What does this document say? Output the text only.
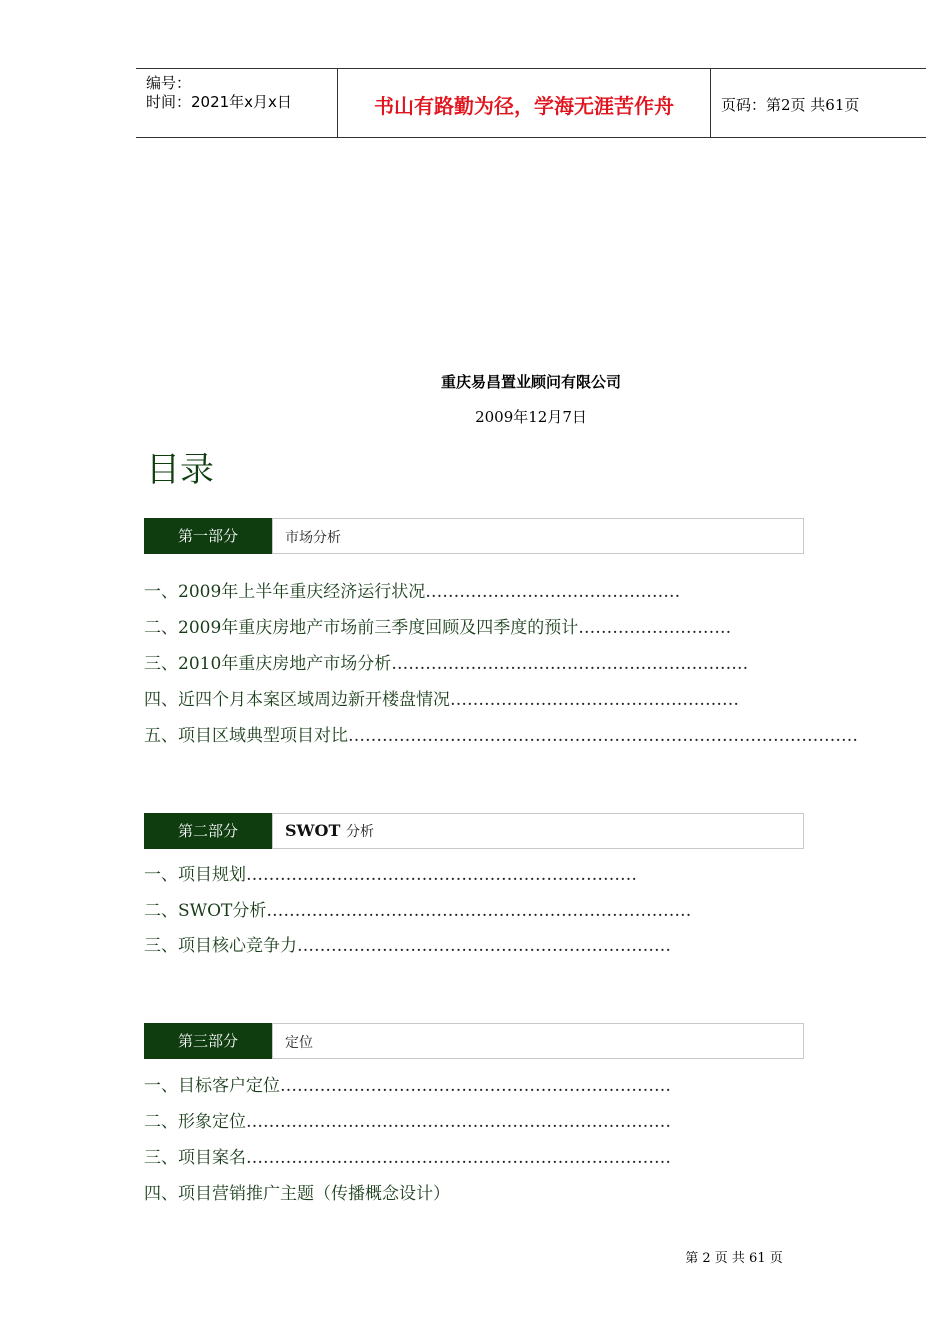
编号：
时间：2021年x月x日	书山有路勤为径，学海无涯苦作舟	页码：第2页 共61页
重庆易昌置业顾问有限公司
2009年12月7日
目录
第一部分	市场分析
一、2009年上半年重庆经济运行状况………………………………………
二、2009年重庆房地产市场前三季度回顾及四季度的预计………………………
三、2010年重庆房地产市场分析………………………………………………………
四、近四个月本案区域周边新开楼盘情况……………………………………………
五、项目区域典型项目对比………………………………………………………………………………
第二部分	SWOT 分析
一、项目规划……………………………………………………………
二、SWOT分析…………………………………………………………………
三、项目核心竞争力…………………………………………………………
第三部分	定位
一、目标客户定位……………………………………………………………
二、形象定位…………………………………………………………………
三、项目案名…………………………………………………………………
四、项目营销推广主题（传播概念设计）
第 2 页 共 61 页
